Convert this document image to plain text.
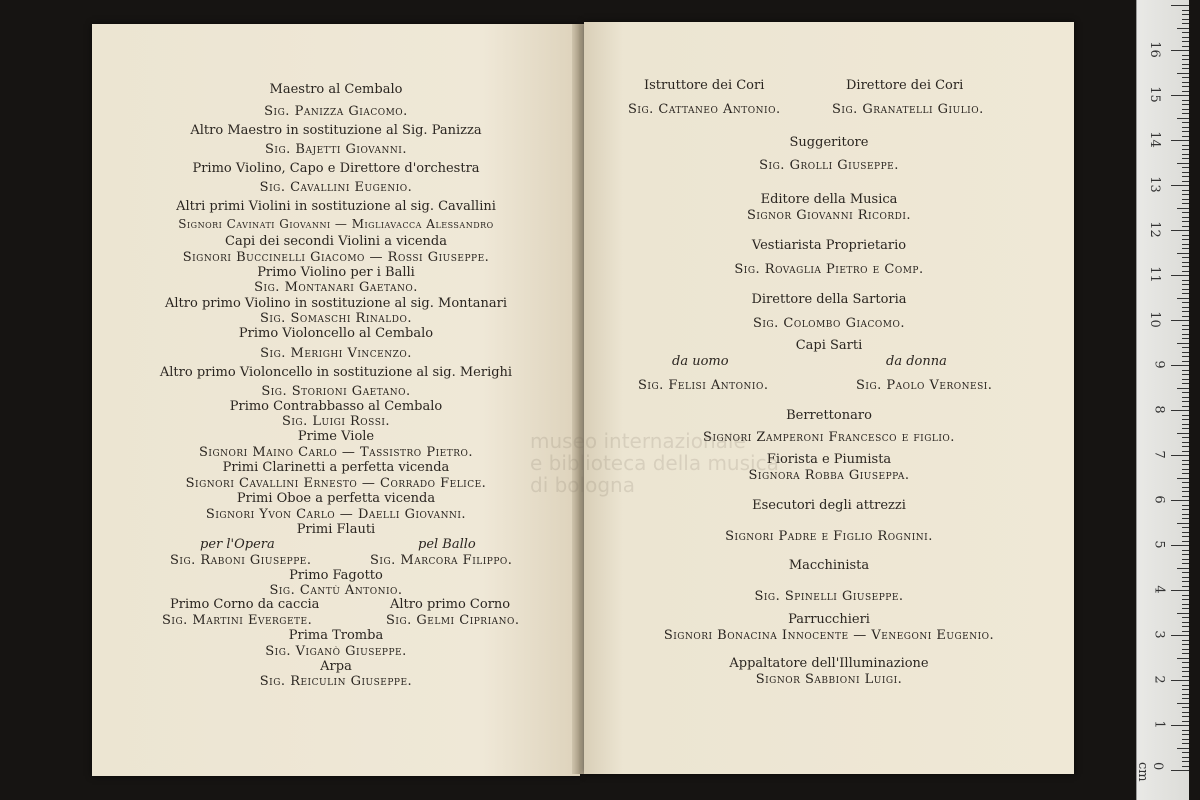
Maestro al Cembalo
Sig. Panizza Giacomo.
Altro Maestro in sostituzione al Sig. Panizza
Sig. Bajetti Giovanni.
Primo Violino, Capo e Direttore d'orchestra
Sig. Cavallini Eugenio.
Altri primi Violini in sostituzione al sig. Cavallini
Signori Cavinati Giovanni — Migliavacca Alessandro
Capi dei secondi Violini a vicenda
Signori Buccinelli Giacomo — Rossi Giuseppe.
Primo Violino per i Balli
Sig. Montanari Gaetano.
Altro primo Violino in sostituzione al sig. Montanari
Sig. Somaschi Rinaldo.
Primo Violoncello al Cembalo
Sig. Merighi Vincenzo.
Altro primo Violoncello in sostituzione al sig. Merighi
Sig. Storioni Gaetano.
Primo Contrabbasso al Cembalo
Sig. Luigi Rossi.
Prime Viole
Signori Maino Carlo — Tassistro Pietro.
Primi Clarinetti a perfetta vicenda
Signori Cavallini Ernesto — Corrado Felice.
Primi Oboe a perfetta vicenda
Signori Yvon Carlo — Daelli Giovanni.
Primi Flauti
per l'Opera	pel Ballo
Sig. Raboni Giuseppe.	Sig. Marcora Filippo.
Primo Fagotto
Sig. Cantù Antonio.
Primo Corno da caccia	Altro primo Corno
Sig. Martini Evergete.	Sig. Gelmi Cipriano.
Prima Tromba
Sig. Viganò Giuseppe.
Arpa
Sig. Reiculin Giuseppe.
Istruttore dei Cori	Direttore dei Cori
Sig. Cattaneo Antonio.	Sig. Granatelli Giulio.
Suggeritore
Sig. Grolli Giuseppe.
Editore della Musica
Signor Giovanni Ricordi.
Vestiarista Proprietario
Sig. Rovaglia Pietro e Comp.
Direttore della Sartoria
Sig. Colombo Giacomo.
Capi Sarti
da uomo	da donna
Sig. Felisi Antonio.	Sig. Paolo Veronesi.
Berrettonaro
Signori Zamperoni Francesco e figlio.
Fiorista e Piumista
Signora Robba Giuseppa.
Esecutori degli attrezzi
Signori Padre e Figlio Rognini.
Macchinista
Sig. Spinelli Giuseppe.
Parrucchieri
Signori Bonacina Innocente — Venegoni Eugenio.
Appaltatore dell'Illuminazione
Signor Sabbioni Luigi.
museo internazionale
e biblioteca della musica
di bologna
0 cm
1
2
3
4
5
6
7
8
9
10
11
12
13
14
15
16
